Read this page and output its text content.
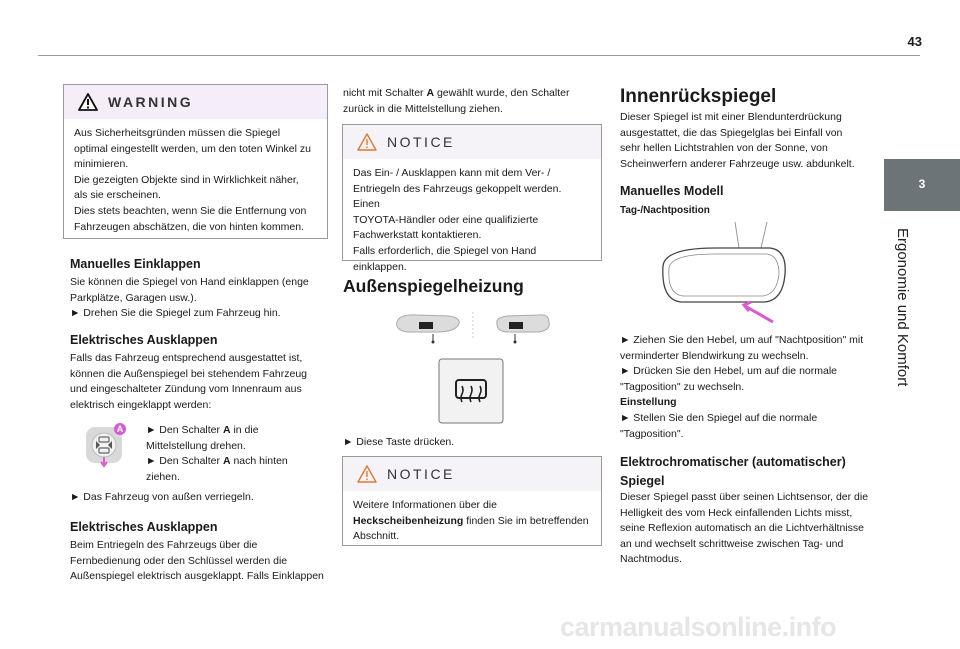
43
3
Ergonomie und Komfort
WARNING
Aus Sicherheitsgründen müssen die Spiegel
optimal eingestellt werden, um den toten Winkel zu
minimieren.
Die gezeigten Objekte sind in Wirklichkeit näher,
als sie erscheinen.
Dies stets beachten, wenn Sie die Entfernung von
Fahrzeugen abschätzen, die von hinten kommen.
Manuelles Einklappen
Sie können die Spiegel von Hand einklappen (enge
Parkplätze, Garagen usw.).
► Drehen Sie die Spiegel zum Fahrzeug hin.
Elektrisches Ausklappen
Falls das Fahrzeug entsprechend ausgestattet ist,
können die Außenspiegel bei stehendem Fahrzeug
und eingeschalteter Zündung vom Innenraum aus
elektrisch eingeklappt werden:
A ► Den Schalter A in die
Mittelstellung drehen.
► Den Schalter A nach hinten
ziehen.
► Das Fahrzeug von außen verriegeln.
Elektrisches Ausklappen
Beim Entriegeln des Fahrzeugs über die
Fernbedienung oder den Schlüssel werden die
Außenspiegel elektrisch ausgeklappt. Falls Einklappen
nicht mit Schalter A gewählt wurde, den Schalter
zurück in die Mittelstellung ziehen.
NOTICE
Das Ein- / Ausklappen kann mit dem Ver- /
Entriegeln des Fahrzeugs gekoppelt werden. Einen
TOYOTA-Händler oder eine qualifizierte
Fachwerkstatt kontaktieren.
Falls erforderlich, die Spiegel von Hand
einklappen.
Außenspiegelheizung
► Diese Taste drücken.
NOTICE
Weitere Informationen über die
Heckscheibenheizung finden Sie im betreffenden
Abschnitt.
Innenrückspiegel
Dieser Spiegel ist mit einer Blendunterdrückung
ausgestattet, die das Spiegelglas bei Einfall von
sehr hellen Lichtstrahlen von der Sonne, von
Scheinwerfern anderer Fahrzeuge usw. abdunkelt.
Manuelles Modell
Tag-/Nachtposition
► Ziehen Sie den Hebel, um auf "Nachtposition" mit
verminderter Blendwirkung zu wechseln.
► Drücken Sie den Hebel, um auf die normale
"Tagposition" zu wechseln.
Einstellung
► Stellen Sie den Spiegel auf die normale
"Tagposition".
Elektrochromatischer (automatischer)
Spiegel
Dieser Spiegel passt über seinen Lichtsensor, der die
Helligkeit des vom Heck einfallenden Lichts misst,
seine Reflexion automatisch an die Lichtverhältnisse
an und wechselt schrittweise zwischen Tag- und
Nachtmodus.
carmanualsonline.info
